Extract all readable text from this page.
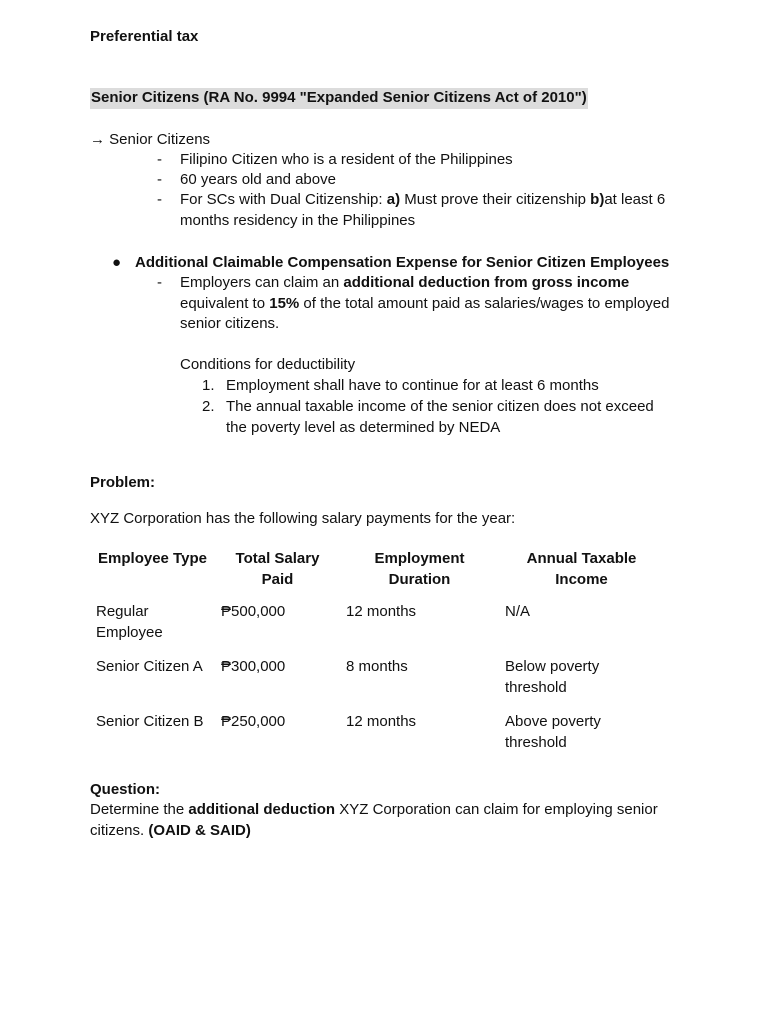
Preferential tax
Senior Citizens (RA No. 9994 "Expanded Senior Citizens Act of 2010")
→ Senior Citizens
- Filipino Citizen who is a resident of the Philippines
- 60 years old and above
- For SCs with Dual Citizenship: a) Must prove their citizenship b)at least 6 months residency in the Philippines
● Additional Claimable Compensation Expense for Senior Citizen Employees
- Employers can claim an additional deduction from gross income equivalent to 15% of the total amount paid as salaries/wages to employed senior citizens.
Conditions for deductibility
1. Employment shall have to continue for at least 6 months
2. The annual taxable income of the senior citizen does not exceed the poverty level as determined by NEDA
Problem:
XYZ Corporation has the following salary payments for the year:
Employee Type	Total Salary Paid	Employment Duration	Annual Taxable Income
Regular Employee	₱500,000	12 months	N/A
Senior Citizen A	₱300,000	8 months	Below poverty threshold
Senior Citizen B	₱250,000	12 months	Above poverty threshold
Question:
Determine the additional deduction XYZ Corporation can claim for employing senior citizens. (OAID & SAID)
